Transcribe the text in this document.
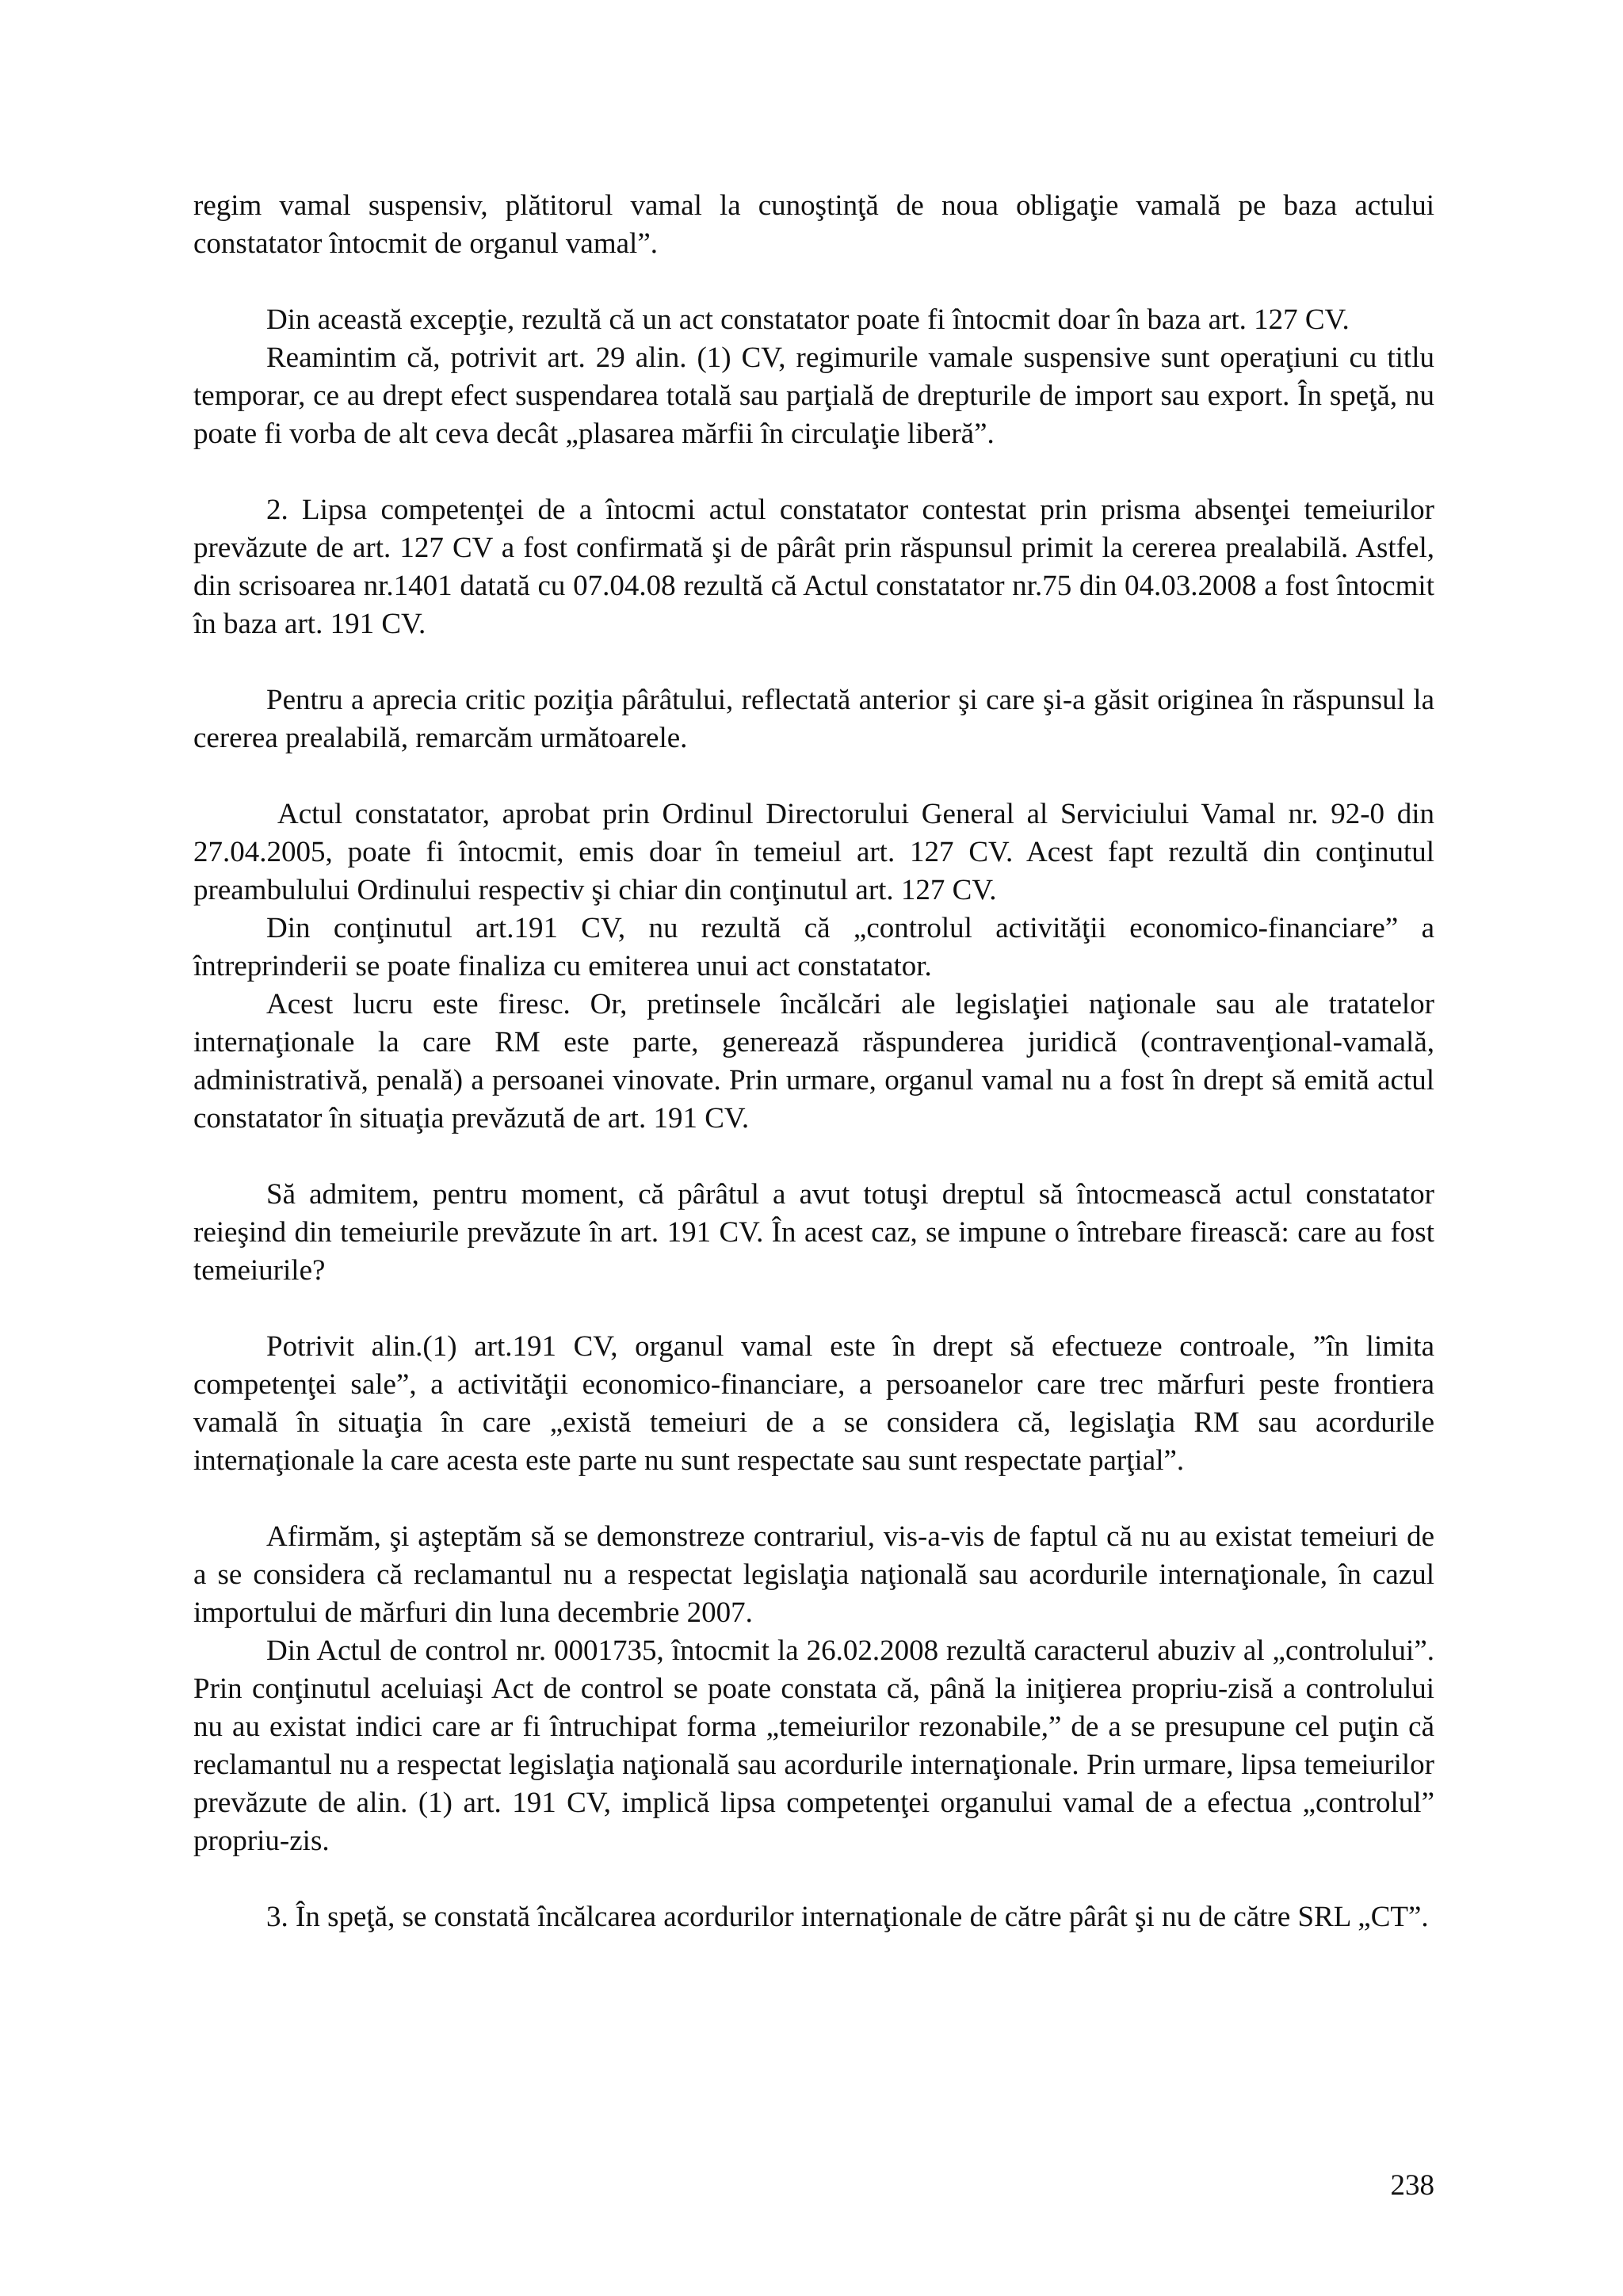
regim vamal suspensiv, plătitorul vamal la cunoştinţă de noua obligaţie vamală pe baza actului constatator întocmit de organul vamal”.

Din această excepţie, rezultă că un act constatator poate fi întocmit doar în baza art. 127 CV.

Reamintim că, potrivit art. 29 alin. (1) CV, regimurile vamale suspensive sunt operaţiuni cu titlu temporar, ce au drept efect suspendarea totală sau parţială de drepturile de import sau export. În speţă, nu poate fi vorba de alt ceva decât „plasarea mărfii în circulaţie liberă”.

2. Lipsa competenţei de a întocmi actul constatator contestat prin prisma absenţei temeiurilor prevăzute de art. 127 CV a fost confirmată şi de pârât prin răspunsul primit la cererea prealabilă. Astfel, din scrisoarea nr.1401 datată cu 07.04.08 rezultă că Actul constatator nr.75 din 04.03.2008 a fost întocmit în baza art. 191 CV.

Pentru a aprecia critic poziţia pârâtului, reflectată anterior şi care şi-a găsit originea în răspunsul la cererea prealabilă, remarcăm următoarele.

Actul constatator, aprobat prin Ordinul Directorului General al Serviciului Vamal nr. 92-0 din 27.04.2005, poate fi întocmit, emis doar în temeiul art. 127 CV. Acest fapt rezultă din conţinutul preambulului Ordinului respectiv şi chiar din conţinutul art. 127 CV.

Din conţinutul art.191 CV, nu rezultă că „controlul activităţii economico-financiare” a întreprinderii se poate finaliza cu emiterea unui act constatator.

Acest lucru este firesc. Or, pretinsele încălcări ale legislaţiei naţionale sau ale tratatelor internaţionale la care RM este parte, generează răspunderea juridică (contravenţional-vamală, administrativă, penală) a persoanei vinovate. Prin urmare, organul vamal nu a fost în drept să emită actul constatator în situaţia prevăzută de art. 191 CV.

Să admitem, pentru moment, că pârâtul a avut totuşi dreptul să întocmească actul constatator reieşind din temeiurile prevăzute în art. 191 CV. În acest caz, se impune o întrebare firească: care au fost temeiurile?

Potrivit alin.(1) art.191 CV, organul vamal este în drept să efectueze controale, ”în limita competenţei sale”, a activităţii economico-financiare, a persoanelor care trec mărfuri peste frontiera vamală în situaţia în care „există temeiuri de a se considera că, legislaţia RM sau acordurile internaţionale la care acesta este parte nu sunt respectate sau sunt respectate parţial”.

Afirmăm, şi aşteptăm să se demonstreze contrariul, vis-a-vis de faptul că nu au existat temeiuri de a se considera că reclamantul nu a respectat legislaţia naţională sau acordurile internaţionale, în cazul importului de mărfuri din luna decembrie 2007.

Din Actul de control nr. 0001735, întocmit la 26.02.2008 rezultă caracterul abuziv al „controlului”. Prin conţinutul aceluiaşi Act de control se poate constata că, până la iniţierea propriu-zisă a controlului nu au existat indici care ar fi întruchipat forma „temeiurilor rezonabile,” de a se presupune cel puţin că reclamantul nu a respectat legislaţia naţională sau acordurile internaţionale. Prin urmare, lipsa temeiurilor prevăzute de alin. (1) art. 191 CV, implică lipsa competenţei organului vamal de a efectua „controlul” propriu-zis.

3. În speţă, se constată încălcarea acordurilor internaţionale de către pârât şi nu de către SRL „CT”.

238
